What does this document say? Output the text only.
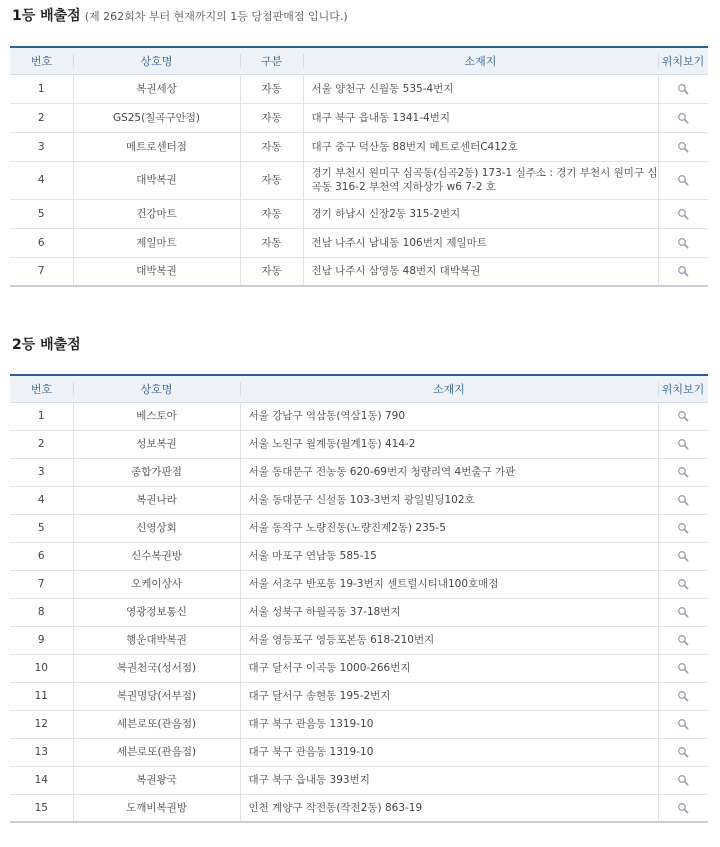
1등 배출점 (제 262회차 부터 현재까지의 1등 당첨판매점 입니다.)
번호	상호명	구분	소재지	위치보기
1	복권세상	자동	서울 양천구 신월동 535-4번지	
2	GS25(칠곡구안점)	자동	대구 북구 읍내동 1341-4번지	
3	메트로센터점	자동	대구 중구 덕산동 88번지 메트로센터C412호	
4	대박복권	자동	경기 부천시 원미구 심곡동(심곡2동) 173-1 실주소 : 경기 부천시 원미구 심곡동 316-2 부천역 지하상가 w6 7-2 호	
5	건강마트	자동	경기 하남시 신장2동 315-2번지	
6	제일마트	자동	전남 나주시 남내동 106번지 제일마트	
7	대박복권	자동	전남 나주시 삼영동 48번지 대박복권	
2등 배출점
번호	상호명	소재지	위치보기
1	베스토아	서울 강남구 역삼동(역삼1동) 790	
2	성보복권	서울 노원구 월계동(월계1동) 414-2	
3	종합가판점	서울 동대문구 전농동 620-69번지 청량리역 4번출구 가판	
4	복권나라	서울 동대문구 신설동 103-3번지 광일빌딩102호	
5	신영상회	서울 동작구 노량진동(노량진제2동) 235-5	
6	신수복권방	서울 마포구 연남동 585-15	
7	오케이상사	서울 서초구 반포동 19-3번지 센트럴시티내100호매점	
8	영광정보통신	서울 성북구 하월곡동 37-18번지	
9	행운대박복권	서울 영등포구 영등포본동 618-210번지	
10	복권천국(성서점)	대구 달서구 이곡동 1000-266번지	
11	복권명당(서부점)	대구 달서구 송현동 195-2번지	
12	세븐로또(관음점)	대구 북구 관음동 1319-10	
13	세븐로또(관음점)	대구 북구 관음동 1319-10	
14	복권왕국	대구 북구 읍내동 393번지	
15	도깨비복권방	인천 계양구 작전동(작전2동) 863-19	
